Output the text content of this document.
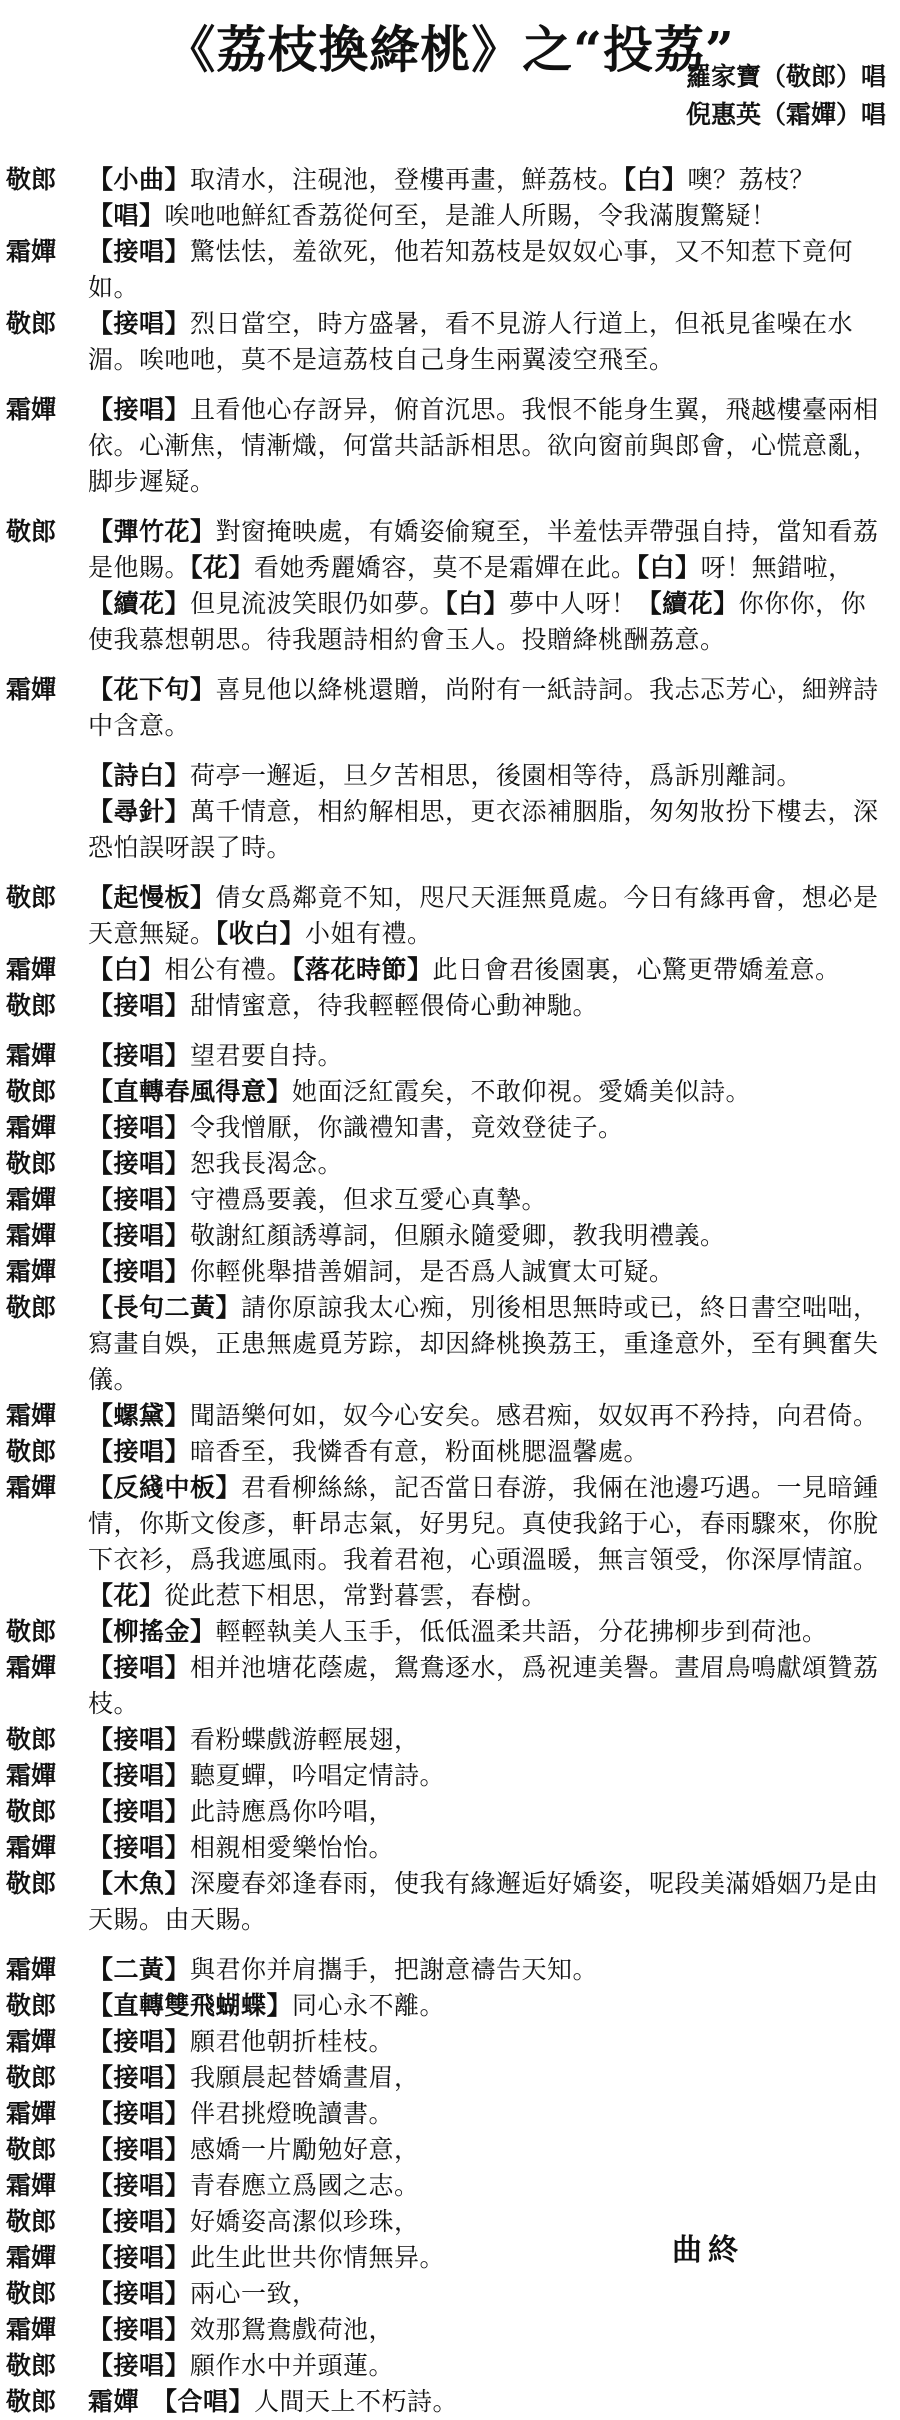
《荔枝換絳桃》之“投荔”
羅家寶（敬郎）唱
倪惠英（霜嬋）唱
敬郎	【小曲】取清水，注硯池，登樓再畫，鮮荔枝。【白】噢？荔枝？【唱】唉吔吔鮮紅香荔從何至，是誰人所賜，令我滿腹驚疑！
霜嬋	【接唱】驚怯怯，羞欲死，他若知荔枝是奴奴心事，又不知惹下竟何如。
敬郎	【接唱】烈日當空，時方盛暑，看不見游人行道上，但祇見雀噪在水湄。唉吔吔，莫不是這荔枝自己身生兩翼淩空飛至。
霜嬋	【接唱】且看他心存訝异，俯首沉思。我恨不能身生翼，飛越樓臺兩相依。心漸焦，情漸熾，何當共話訴相思。欲向窗前與郎會，心慌意亂，脚步遲疑。
敬郎	【彈竹花】對窗掩映處，有嬌姿偷窺至，半羞怯弄帶强自持，當知看荔是他賜。【花】看她秀麗嬌容，莫不是霜嬋在此。【白】呀！無錯啦，【續花】但見流波笑眼仍如夢。【白】夢中人呀！【續花】你你你，你使我慕想朝思。待我題詩相約會玉人。投贈絳桃酬荔意。
霜嬋	【花下句】喜見他以絳桃還贈，尚附有一紙詩詞。我忐忑芳心，細辨詩中含意。
【詩白】荷亭一邂逅，旦夕苦相思，後園相等待，爲訴別離詞。
【尋針】萬千情意，相約解相思，更衣添補胭脂，匆匆妝扮下樓去，深恐怕誤呀誤了時。
敬郎	【起慢板】倩女爲鄰竟不知，咫尺天涯無覓處。今日有緣再會，想必是天意無疑。【收白】小姐有禮。
霜嬋	【白】相公有禮。【落花時節】此日會君後園裏，心驚更帶嬌羞意。
敬郎	【接唱】甜情蜜意，待我輕輕偎倚心動神馳。
霜嬋	【接唱】望君要自持。
敬郎	【直轉春風得意】她面泛紅霞矣，不敢仰視。愛嬌美似詩。
霜嬋	【接唱】令我憎厭，你識禮知書，竟效登徒子。
敬郎	【接唱】恕我長渴念。
霜嬋	【接唱】守禮爲要義，但求互愛心真摯。
霜嬋	【接唱】敬謝紅顏誘導詞，但願永隨愛卿，教我明禮義。
霜嬋	【接唱】你輕佻舉措善媚詞，是否爲人誠實太可疑。
敬郎	【長句二黃】請你原諒我太心痴，別後相思無時或已，終日書空咄咄，寫畫自娛，正患無處覓芳踪，却因絳桃換荔王，重逢意外，至有興奮失儀。
霜嬋	【螺黛】聞語樂何如，奴今心安矣。感君痴，奴奴再不矜持，向君倚。
敬郎	【接唱】暗香至，我憐香有意，粉面桃腮溫馨處。
霜嬋	【反綫中板】君看柳絲絲，記否當日春游，我倆在池邊巧遇。一見暗鍾情，你斯文俊彥，軒昂志氣，好男兒。真使我銘于心，春雨驟來，你脫下衣衫，爲我遮風雨。我着君袍，心頭溫暖，無言領受，你深厚情誼。【花】從此惹下相思，常對暮雲，春樹。
敬郎	【柳搖金】輕輕執美人玉手，低低溫柔共語，分花拂柳步到荷池。
霜嬋	【接唱】相并池塘花蔭處，鴛鴦逐水，爲祝連美譽。晝眉鳥鳴獻頌贊荔枝。
敬郎	【接唱】看粉蝶戲游輕展翅，
霜嬋	【接唱】聽夏蟬，吟唱定情詩。
敬郎	【接唱】此詩應爲你吟唱，
霜嬋	【接唱】相親相愛樂怡怡。
敬郎	【木魚】深慶春郊逢春雨，使我有緣邂逅好嬌姿，呢段美滿婚姻乃是由天賜。由天賜。
霜嬋	【二黃】與君你并肩攜手，把謝意禱告天知。
敬郎	【直轉雙飛蝴蝶】同心永不離。
霜嬋	【接唱】願君他朝折桂枝。
敬郎	【接唱】我願晨起替嬌晝眉，
霜嬋	【接唱】伴君挑燈晚讀書。
敬郎	【接唱】感嬌一片勵勉好意，
霜嬋	【接唱】青春應立爲國之志。
敬郎	【接唱】好嬌姿高潔似珍珠，
霜嬋	【接唱】此生此世共你情無异。
敬郎	【接唱】兩心一致，
霜嬋	【接唱】效那鴛鴦戲荷池，
敬郎	【接唱】願作水中并頭蓮。
敬郎	霜嬋　【合唱】人間天上不朽詩。
曲終
